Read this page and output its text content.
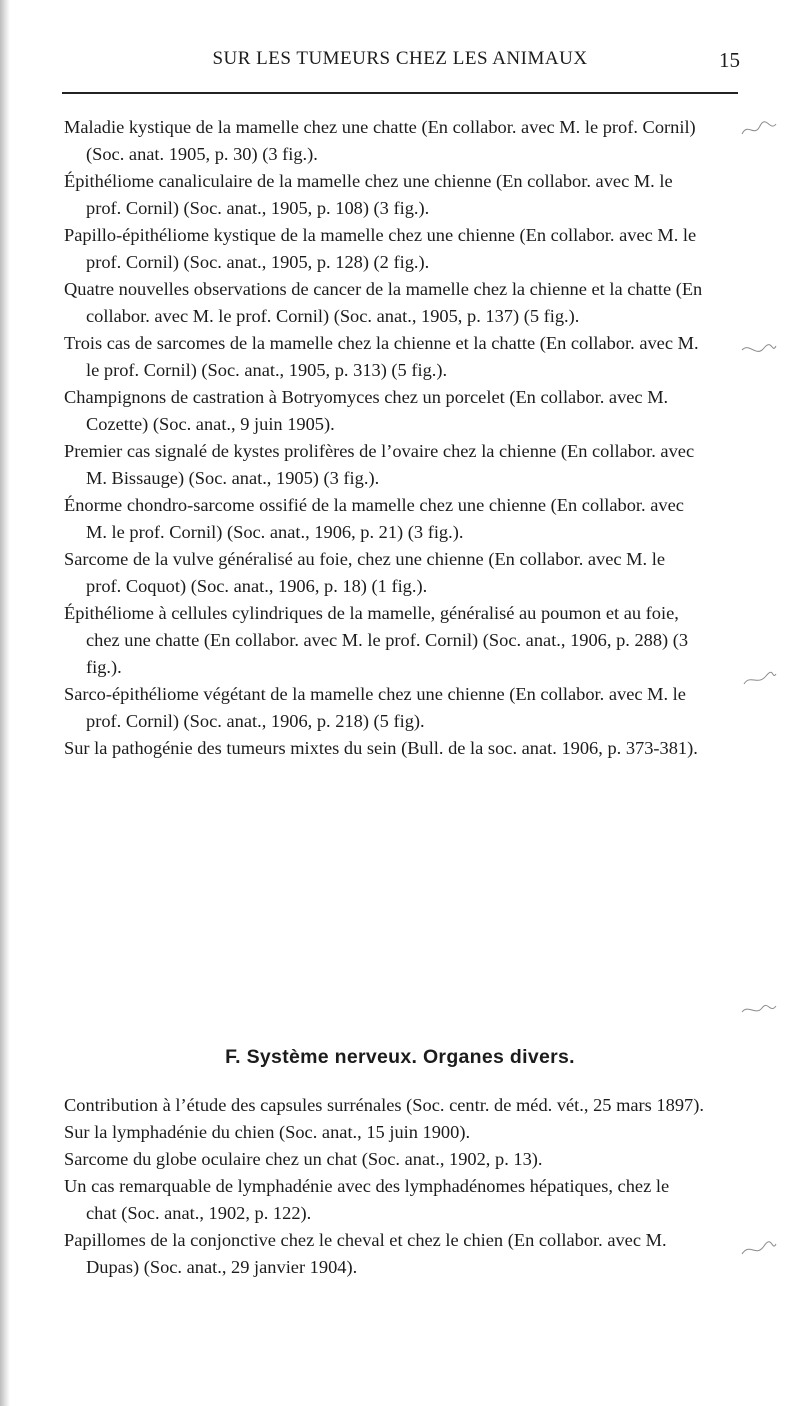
SUR LES TUMEURS CHEZ LES ANIMAUX	15
Maladie kystique de la mamelle chez une chatte (En collabor. avec M. le prof. Cornil) (Soc. anat. 1905, p. 30) (3 fig.).
Épithéliome canaliculaire de la mamelle chez une chienne (En collabor. avec M. le prof. Cornil) (Soc. anat., 1905, p. 108) (3 fig.).
Papillo-épithéliome kystique de la mamelle chez une chienne (En collabor. avec M. le prof. Cornil) (Soc. anat., 1905, p. 128) (2 fig.).
Quatre nouvelles observations de cancer de la mamelle chez la chienne et la chatte (En collabor. avec M. le prof. Cornil) (Soc. anat., 1905, p. 137) (5 fig.).
Trois cas de sarcomes de la mamelle chez la chienne et la chatte (En collabor. avec M. le prof. Cornil) (Soc. anat., 1905, p. 313) (5 fig.).
Champignons de castration à Botryomyces chez un porcelet (En collabor. avec M. Cozette) (Soc. anat., 9 juin 1905).
Premier cas signalé de kystes prolifères de l’ovaire chez la chienne (En collabor. avec M. Bissauge) (Soc. anat., 1905) (3 fig.).
Énorme chondro-sarcome ossifié de la mamelle chez une chienne (En collabor. avec M. le prof. Cornil) (Soc. anat., 1906, p. 21) (3 fig.).
Sarcome de la vulve généralisé au foie, chez une chienne (En collabor. avec M. le prof. Coquot) (Soc. anat., 1906, p. 18) (1 fig.).
Épithéliome à cellules cylindriques de la mamelle, généralisé au poumon et au foie, chez une chatte (En collabor. avec M. le prof. Cornil) (Soc. anat., 1906, p. 288) (3 fig.).
Sarco-épithéliome végétant de la mamelle chez une chienne (En collabor. avec M. le prof. Cornil) (Soc. anat., 1906, p. 218) (5 fig).
Sur la pathogénie des tumeurs mixtes du sein (Bull. de la soc. anat. 1906, p. 373-381).
F. Système nerveux. Organes divers.
Contribution à l’étude des capsules surrénales (Soc. centr. de méd. vét., 25 mars 1897).
Sur la lymphadénie du chien (Soc. anat., 15 juin 1900).
Sarcome du globe oculaire chez un chat (Soc. anat., 1902, p. 13).
Un cas remarquable de lymphadénie avec des lymphadénomes hépatiques, chez le chat (Soc. anat., 1902, p. 122).
Papillomes de la conjonctive chez le cheval et chez le chien (En collabor. avec M. Dupas) (Soc. anat., 29 janvier 1904).
